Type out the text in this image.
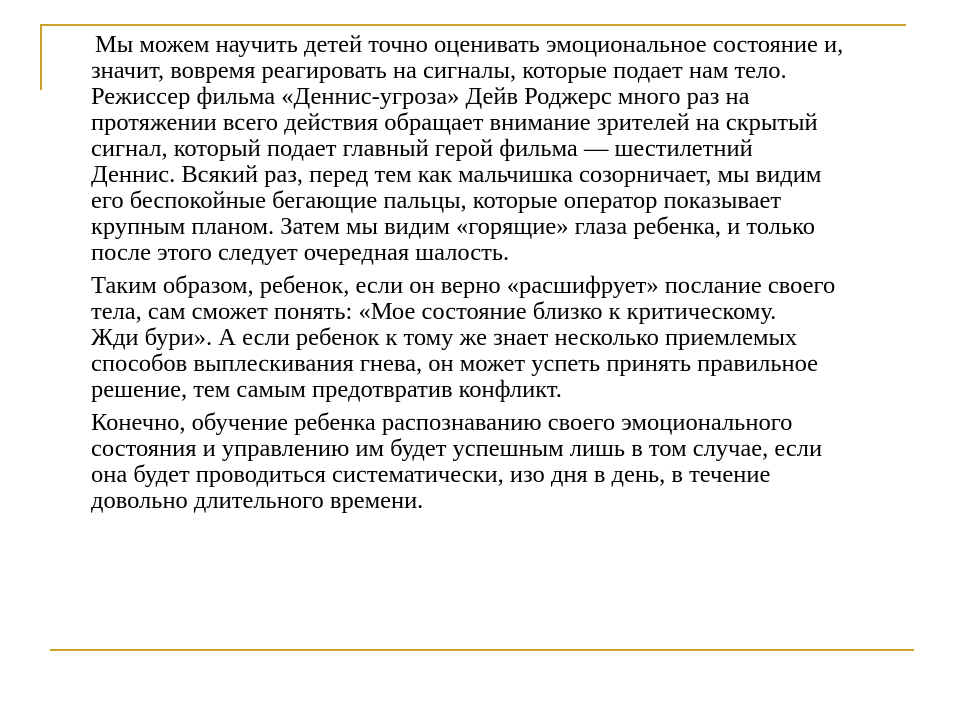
Мы можем научить детей точно оценивать эмоциональное состояние и,
значит, вовремя реагировать на сигналы, которые подает нам тело.
Режиссер фильма «Деннис-угроза» Дейв Роджерс много раз на
протяжении всего действия обращает внимание зрителей на скрытый
сигнал, который подает главный герой фильма — шестилетний
Деннис. Всякий раз, перед тем как мальчишка созорничает, мы видим
его беспокойные бегающие пальцы, которые оператор показывает
крупным планом. Затем мы видим «горящие» глаза ребенка, и только
после этого следует очередная шалость.

Таким образом, ребенок, если он верно «расшифрует» послание своего
тела, сам сможет понять: «Мое состояние близко к критическому.
Жди бури». А если ребенок к тому же знает несколько приемлемых
способов выплескивания гнева, он может успеть принять правильное
решение, тем самым предотвратив конфликт.

Конечно, обучение ребенка распознаванию своего эмоционального
состояния и управлению им будет успешным лишь в том случае, если
она будет проводиться систематически, изо дня в день, в течение
довольно длительного времени.
